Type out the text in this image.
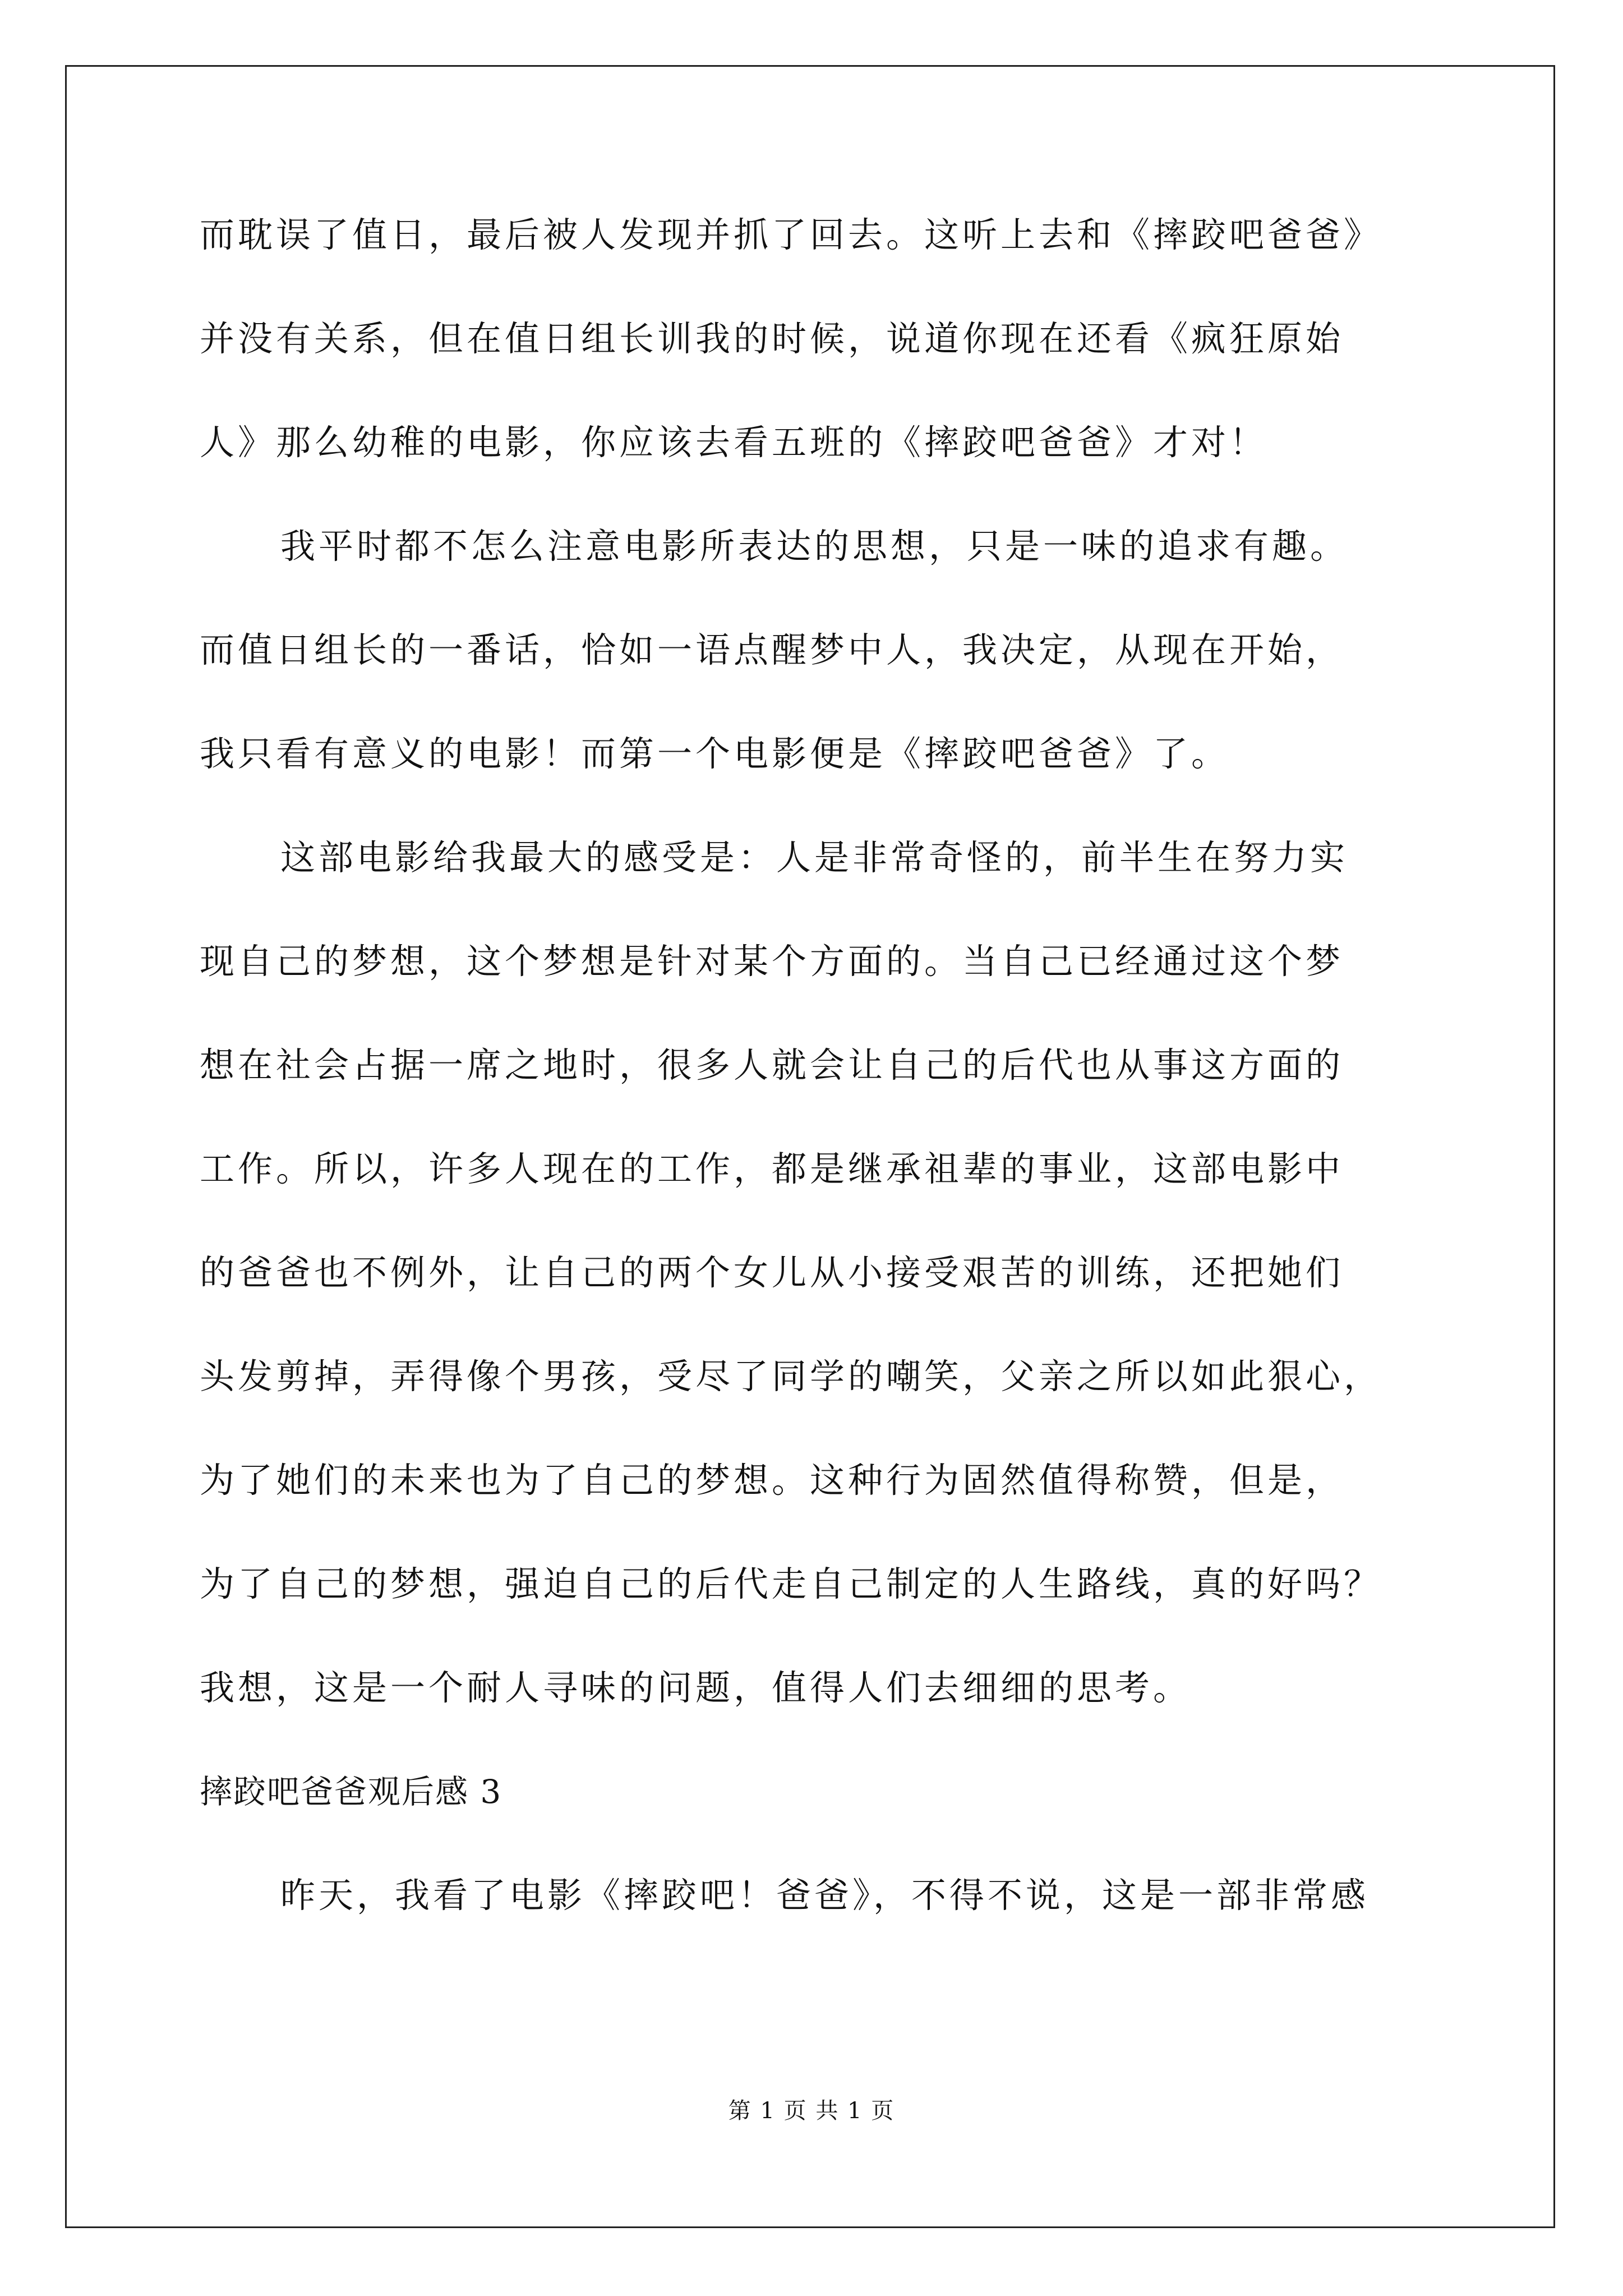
而耽误了值日，最后被人发现并抓了回去。这听上去和《摔跤吧爸爸》
并没有关系，但在值日组长训我的时候，说道你现在还看《疯狂原始
人》那么幼稚的电影，你应该去看五班的《摔跤吧爸爸》才对！
我平时都不怎么注意电影所表达的思想，只是一味的追求有趣。
而值日组长的一番话，恰如一语点醒梦中人，我决定，从现在开始，
我只看有意义的电影！而第一个电影便是《摔跤吧爸爸》了。
这部电影给我最大的感受是：人是非常奇怪的，前半生在努力实
现自己的梦想，这个梦想是针对某个方面的。当自己已经通过这个梦
想在社会占据一席之地时，很多人就会让自己的后代也从事这方面的
工作。所以，许多人现在的工作，都是继承祖辈的事业，这部电影中
的爸爸也不例外，让自己的两个女儿从小接受艰苦的训练，还把她们
头发剪掉，弄得像个男孩，受尽了同学的嘲笑，父亲之所以如此狠心，
为了她们的未来也为了自己的梦想。这种行为固然值得称赞，但是，
为了自己的梦想，强迫自己的后代走自己制定的人生路线，真的好吗？
我想，这是一个耐人寻味的问题，值得人们去细细的思考。
摔跤吧爸爸观后感 3
昨天，我看了电影《摔跤吧！爸爸》，不得不说，这是一部非常感
第 1 页 共 1 页
